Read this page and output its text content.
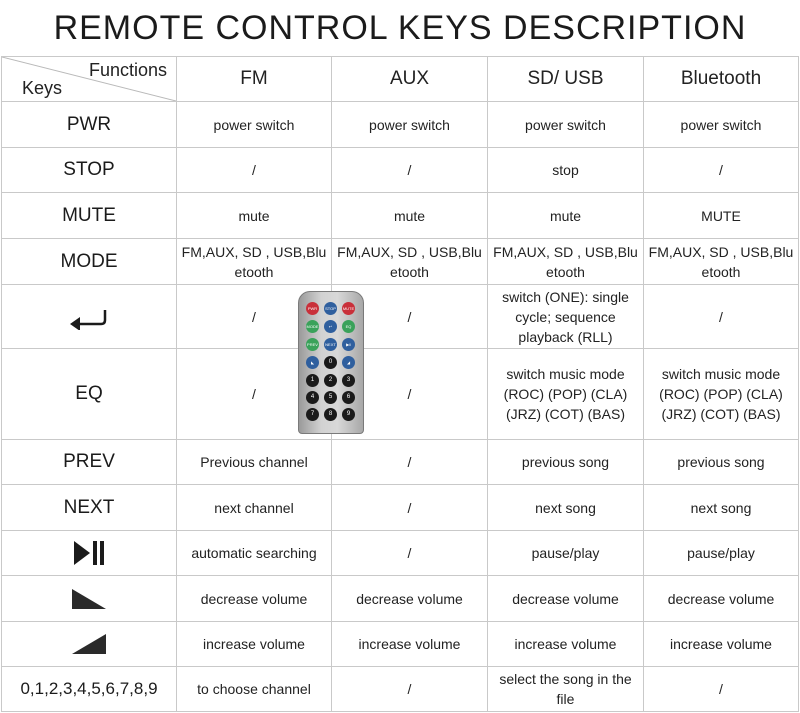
REMOTE CONTROL KEYS DESCRIPTION
Functions
Keys	FM	AUX	SD/ USB	Bluetooth
PWR	power switch	power switch	power switch	power switch
STOP	/	/	stop	/
MUTE	mute	mute	mute	MUTE
MODE	FM,AUX, SD , USB,Blu etooth	FM,AUX, SD , USB,Blu etooth	FM,AUX, SD , USB,Blu etooth	FM,AUX, SD , USB,Blu etooth
	/	/	switch (ONE): single cycle; sequence playback (RLL)	/
EQ	/	/	switch music mode (ROC) (POP) (CLA) (JRZ) (COT) (BAS)	switch music mode (ROC) (POP) (CLA) (JRZ) (COT) (BAS)
PREV	Previous channel	/	previous song	previous song
NEXT	next channel	/	next song	next song
	automatic searching	/	pause/play	pause/play
	decrease volume	decrease volume	decrease volume	decrease volume
	increase volume	increase volume	increase volume	increase volume
0,1,2,3,4,5,6,7,8,9	to choose channel	/	select the song in the file	/
PWR	STOP MUTE
MODE	↩	EQ
PREV NEXT	▶‖
◣	0	◢
1	2	3
4	5	6
7	8	9
